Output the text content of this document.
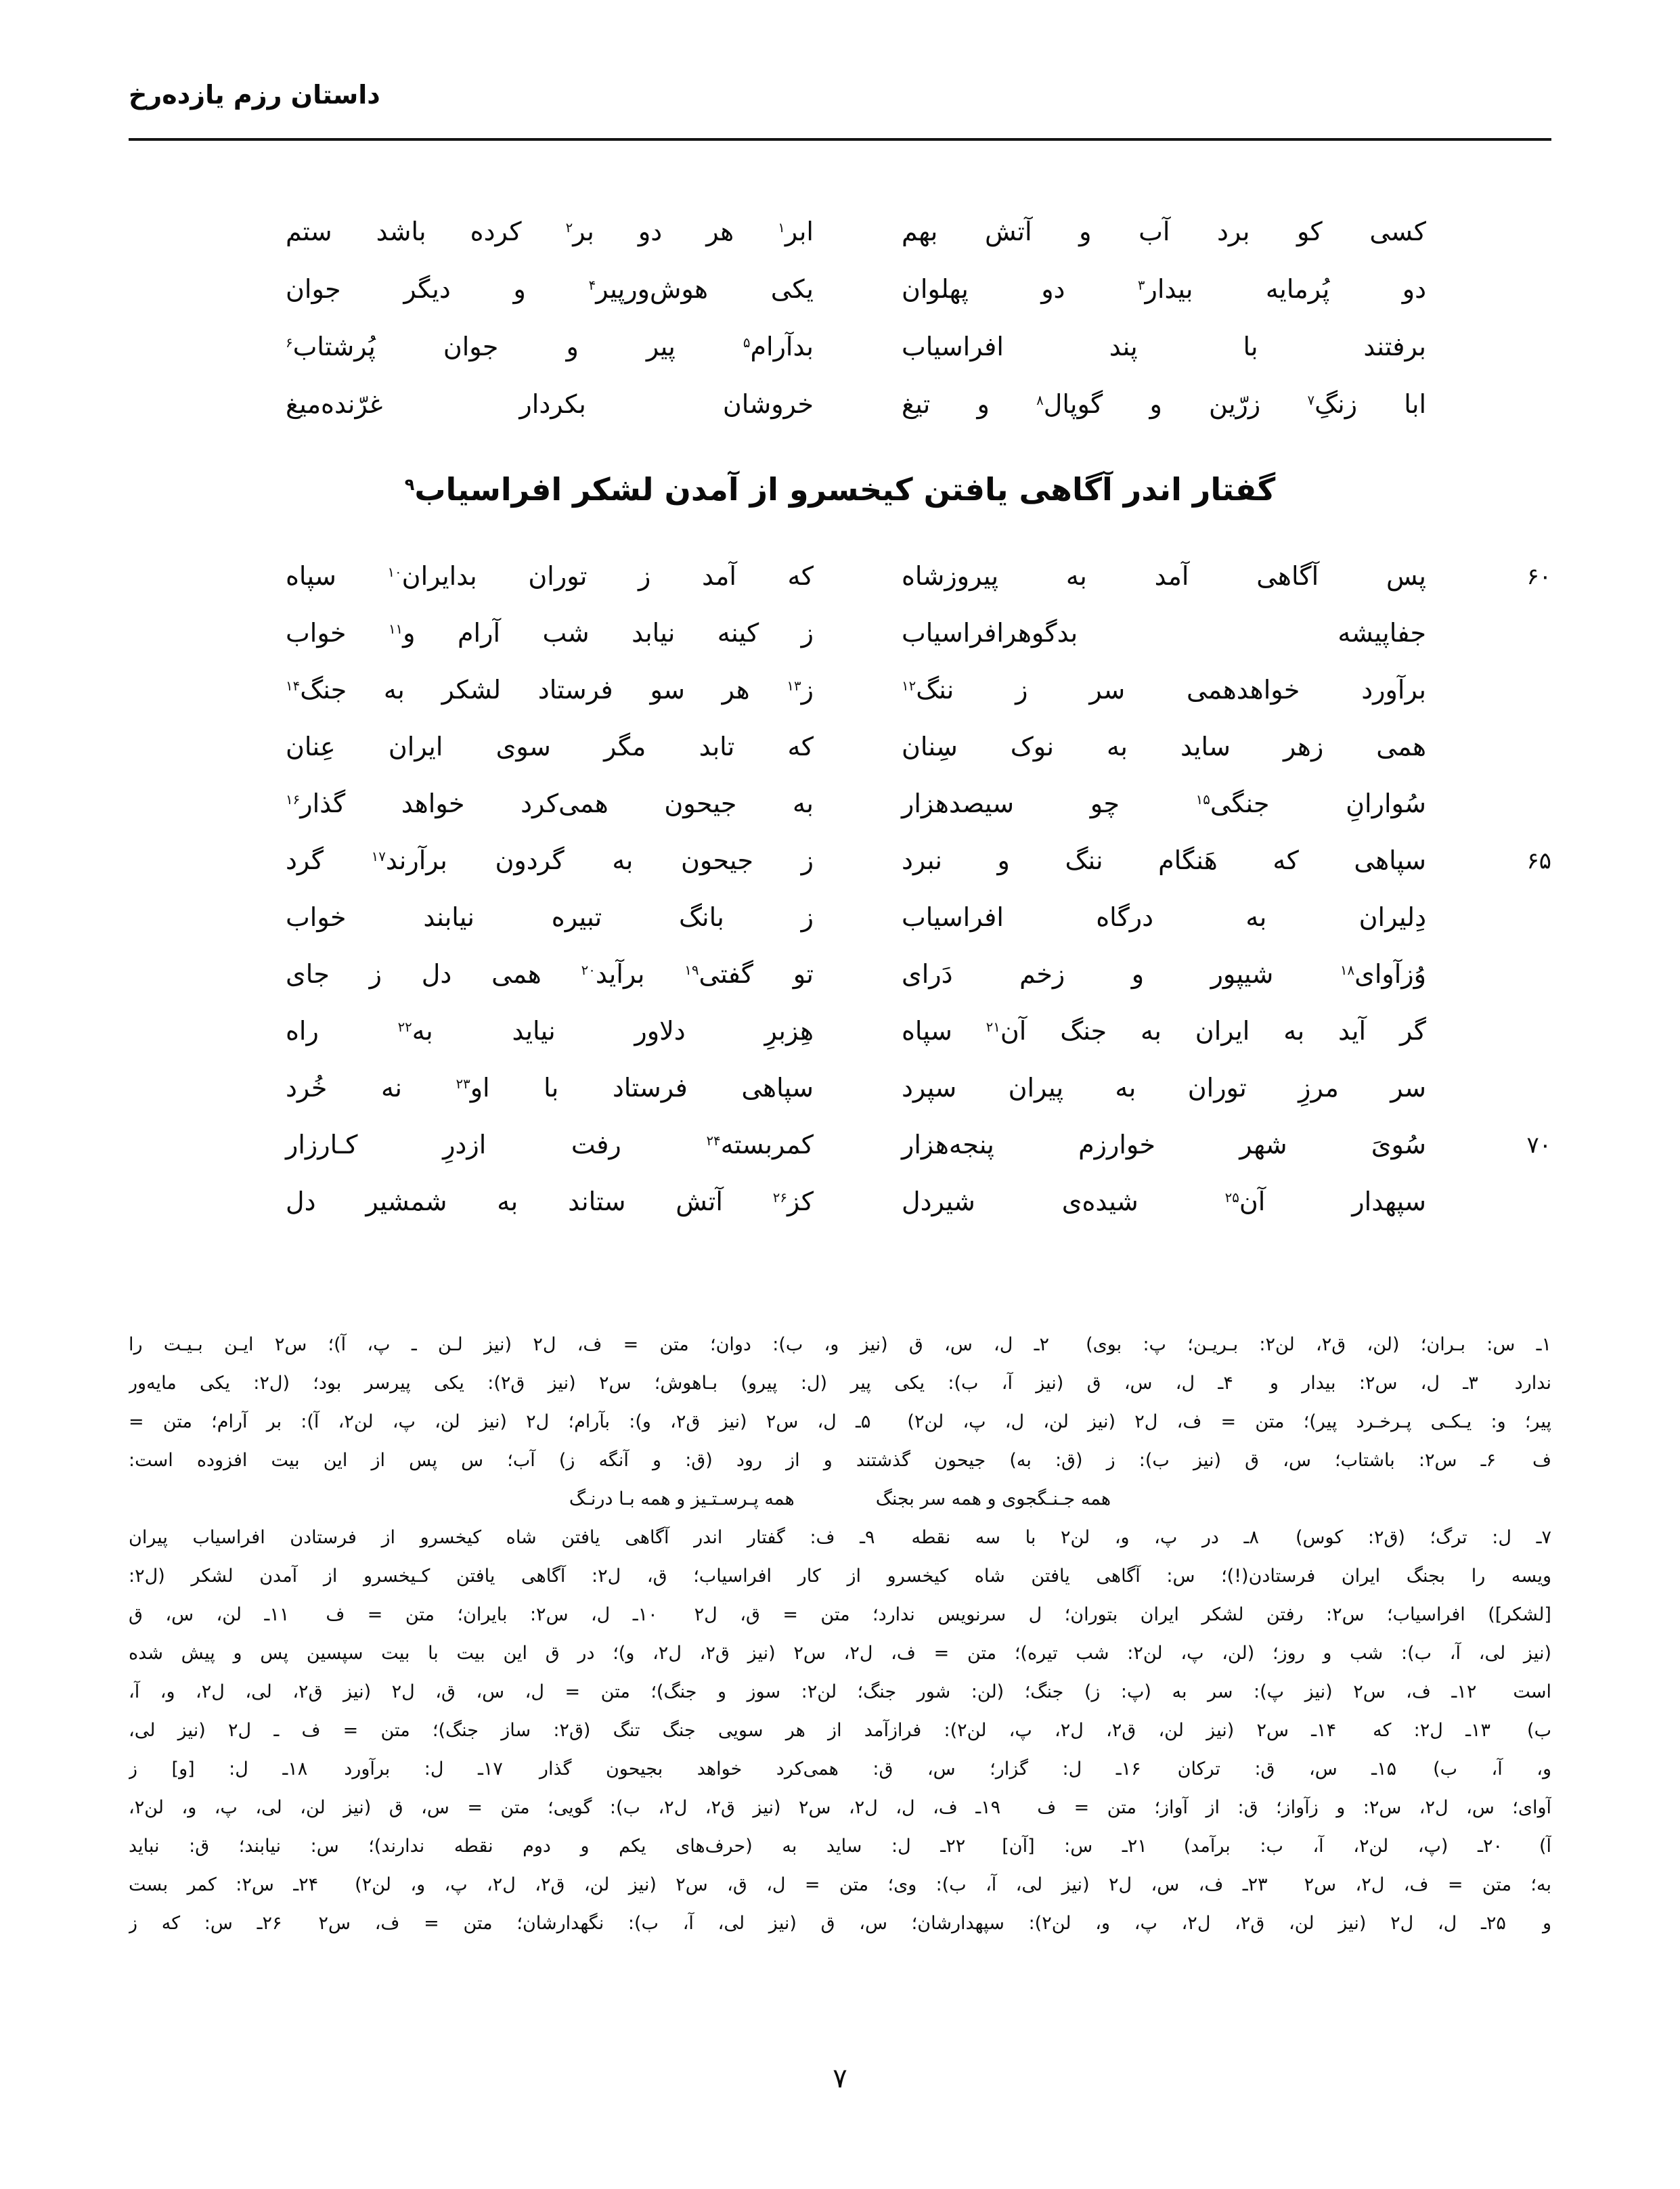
داستان رزم یازده‌رخ
کسی کو برد آب و آتش بهم
ابر$^۱$ هر دو بر$^۲$ کرده باشد ستم
دو پُرمایه بیدار$^۳$ دو پهلوان
یکی هوش‌ورپیر$^۴$ و دیگر جوان
برفتند با پند افراسیاب
بدآرام$^۵$ پیر و جوان پُرشتاب$^۶$
ابا زنگِ$^۷$ زرّین و گوپال$^۸$ و تیغ
خروشان بکردار غرّنده‌میغ
گفتار اندر آگاهی یافتن کیخسرو از آمدن لشکر افراسیاب$^۹$
۶۰
پس آگاهی آمد به پیروزشاه
که آمد ز توران بدایران$^{۱۰}$ سپاه
جفاپیشه بدگوهرافراسیاب
ز کینه نیابد شب آرام و$^{۱۱}$ خواب
برآورد خواهدهمی سر ز ننگ$^{۱۲}$
ز$^{۱۳}$ هر سو فرستاد لشکر به جنگ$^{۱۴}$
همی زهر ساید به نوک سِنان
که تابد مگر سوی ایران عِنان
سُوارانِ جنگی$^{۱۵}$ چو سیصدهزار
به جیحون همی‌کرد خواهد گذار$^{۱۶}$
۶۵
سپاهی که هَنگام ننگ و نبرد
ز جیحون به گردون برآرند$^{۱۷}$ گرد
دِلیران به درگاه افراسیاب
ز بانگ تبیره نیابند خواب
وُزآوای$^{۱۸}$ شیپور و زخم دَرای
تو گفتی$^{۱۹}$ برآید$^{۲۰}$ همی دل ز جای
گر آید به ایران به جنگ آن$^{۲۱}$ سپاه
هِزبرِ دلاور نیاید به$^{۲۲}$ راه
سر مرزِ توران به پیران سپرد
سپاهی فرستاد با او$^{۲۳}$ نه خُرد
۷۰
سُویَ شهر خوارزم پنجه‌هزار
کمربسته$^{۲۴}$ رفت ازدرِ کـارزار
سپهدار آن$^{۲۵}$ شیده‌ی شیردل
کز$^{۲۶}$ آتش ستاند به شمشیر دل
۱ـ س: بـران؛ (لن، ق۲، لن۲: بـریـن؛ پ: بوی)  ۲ـ ل، س، ق (نیز و، ب): دوان؛ متن = ف، ل۲ (نیز لـن ـ پ، آ)؛ س۲ ایـن بـیـت را
ندارد  ۳ـ ل، س۲: بیدار و  ۴ـ ل، س، ق (نیز آ، ب): یکی پیر (ل: پیرو) بـاهوش؛ س۲ (نیز ق۲): یکی پیرسر بود؛ (ل۲: یکی مایه‌ور
پیر؛ و: یـکـی پـرخـرد پیر)؛ متن = ف، ل۲ (نیز لن، ل، پ، لن۲)  ۵ـ ل، س۲ (نیز ق۲، و): بآرام؛ ل۲ (نیز لن، پ، لن۲، آ): بر آرام؛ متن =
ف  ۶ـ س۲: باشتاب؛ س، ق (نیز ب): ز (ق: به) جیحون گذشتند و از رود (ق: و آنگه ز) آب؛ س پس از این بیت افزوده است:
همه جـنـگجوی و همه سر بجنگهمه پـرسـتـیز و همه بـا درنـگ
۷ـ ل: ترگ؛ (ق۲: کوس)  ۸ـ در پ، و، لن۲ با سه نقطه  ۹ـ ف: گفتار اندر آگاهی یافتن شاه کیخسرو از فرستادن افراسیاب پیران
ویسه را بجنگ ایران فرستادن(!)؛ س: آگاهی یافتن شاه کیخسرو از کار افراسیاب؛ ق، ل۲: آگاهی یافتن کـیخسرو از آمدن لشکر (ل۲:
[لشکر]) افراسیاب؛ س۲: رفتن لشکر ایران بتوران؛ ل سرنویس ندارد؛ متن = ق، ل۲  ۱۰ـ ل، س۲: بایران؛ متن = ف  ۱۱ـ لن، س، ق
(نیز لی، آ، ب): شب و روز؛ (لن، پ، لن۲: شب تیره)؛ متن = ف، ل۲، س۲ (نیز ق۲، ل۲، و)؛ در ق این بیت با بیت سپسین پس و پیش شده
است  ۱۲ـ ف، س۲ (نیز پ): سر به (پ: ز) جنگ؛ (لن: شور جنگ؛ لن۲: سوز و جنگ)؛ متن = ل، س، ق، ل۲ (نیز ق۲، لی، ل۲، و، آ،
ب)  ۱۳ـ ل۲: که  ۱۴ـ س۲ (نیز لن، ق۲، ل۲، پ، لن۲): فرازآمد از هر سویی جنگ تنگ (ق۲: ساز جنگ)؛ متن = ف ـ ل۲ (نیز لی،
و، آ، ب)  ۱۵ـ س، ق: ترکان  ۱۶ـ ل: گزار؛ س، ق: همی‌کرد خواهد بجیحون گذار  ۱۷ـ ل: برآورد  ۱۸ـ ل: [و] ز
آوای؛ س، ل۲، س۲: و زآواز؛ ق: از آواز؛ متن = ف  ۱۹ـ ف، ل، ل۲، س۲ (نیز ق۲، ل۲، ب): گویی؛ متن = س، ق (نیز لن، لی، پ، و، لن۲،
آ)  ۲۰ـ (پ، لن۲، آ، ب: برآمد)  ۲۱ـ س: [آن]  ۲۲ـ ل: ساید به (حرف‌های یکم و دوم نقطه ندارند)؛ س: نیابند؛ ق: نباید
به؛ متن = ف، ل۲، س۲  ۲۳ـ ف، س، ل۲ (نیز لی، آ، ب): وی؛ متن = ل، ق، س۲ (نیز لن، ق۲، ل۲، پ، و، لن۲)  ۲۴ـ س۲: کمر بست
و  ۲۵ـ ل، ل۲ (نیز لن، ق۲، ل۲، پ، و، لن۲): سپهدارشان؛ س، ق (نیز لی، آ، ب): نگهدارشان؛ متن = ف، س۲  ۲۶ـ س: که ز
۷
